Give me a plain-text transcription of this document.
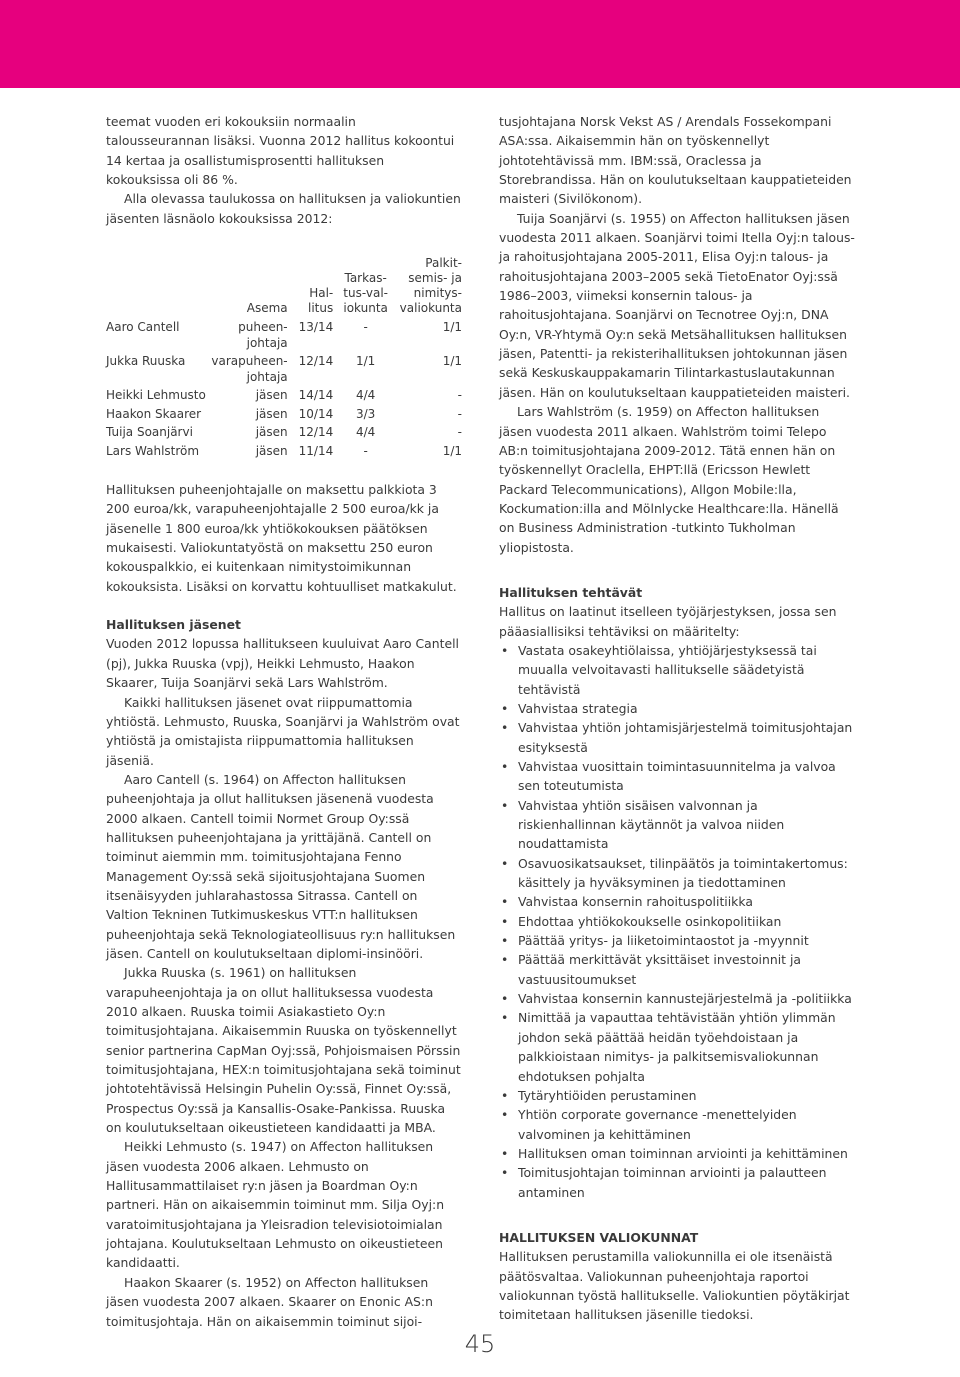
teemat vuoden eri kokouksiin normaalin talousseurannan lisäksi. Vuonna 2012 hallitus kokoontui 14 kertaa ja osallistumisprosentti hallituksen kokouksissa oli 86 %.

Alla olevassa taulukossa on hallituksen ja valiokuntien jäsenten läsnäolo kokouksissa 2012:

	Asema	Hal- litus	Tarkas- tus-val- iokunta	Palkit- semis- ja nimitys- valiokunta
Aaro Cantell	puheen- johtaja	13/14	-	1/1
Jukka Ruuska	varapuheen- johtaja	12/14	1/1	1/1
Heikki Lehmusto	jäsen	14/14	4/4	-
Haakon Skaarer	jäsen	10/14	3/3	-
Tuija Soanjärvi	jäsen	12/14	4/4	-
Lars Wahlström	jäsen	11/14	-	1/1

Hallituksen puheenjohtajalle on maksettu palkkiota 3 200 euroa/kk, varapuheenjohtajalle 2 500 euroa/kk ja jäsenelle 1 800 euroa/kk yhtiökokouksen päätöksen mukaisesti. Valiokuntatyöstä on maksettu 250 euron kokouspalkkio, ei kuitenkaan nimitystoimikunnan kokouksista. Lisäksi on korvattu kohtuulliset matkakulut.

Hallituksen jäsenet

Vuoden 2012 lopussa hallitukseen kuuluivat Aaro Cantell (pj), Jukka Ruuska (vpj), Heikki Lehmusto, Haakon Skaarer, Tuija Soanjärvi sekä Lars Wahlström.

Kaikki hallituksen jäsenet ovat riippumattomia yhtiöstä. Lehmusto, Ruuska, Soanjärvi ja Wahlström ovat yhtiöstä ja omistajista riippumattomia hallituksen jäseniä.

Aaro Cantell (s. 1964) on Affecton hallituksen puheenjohtaja ja ollut hallituksen jäsenenä vuodesta 2000 alkaen. Cantell toimii Normet Group Oy:ssä hallituksen puheenjohtajana ja yrittäjänä. Cantell on toiminut aiemmin mm. toimitusjohtajana Fenno Management Oy:ssä sekä sijoitusjohtajana Suomen itsenäisyyden juhlarahastossa Sitrassa. Cantell on Valtion Tekninen Tutkimuskeskus VTT:n hallituksen puheenjohtaja sekä Teknologiateollisuus ry:n hallituksen jäsen. Cantell on koulutukseltaan diplomi-insinööri.

Jukka Ruuska (s. 1961) on hallituksen varapuheenjohtaja ja on ollut hallituksessa vuodesta 2010 alkaen. Ruuska toimii Asiakastieto Oy:n toimitusjohtajana. Aikaisemmin Ruuska on työskennellyt senior partnerina CapMan Oyj:ssä, Pohjoismaisen Pörssin toimitusjohtajana, HEX:n toimitusjohtajana sekä toiminut johtotehtävissä Helsingin Puhelin Oy:ssä, Finnet Oy:ssä, Prospectus Oy:ssä ja Kansallis-Osake-Pankissa. Ruuska on koulutukseltaan oikeustieteen kandidaatti ja MBA.

Heikki Lehmusto (s. 1947) on Affecton hallituksen jäsen vuodesta 2006 alkaen. Lehmusto on Hallitusammattilaiset ry:n jäsen ja Boardman Oy:n partneri. Hän on aikaisemmin toiminut mm. Silja Oyj:n varatoimitusjohtajana ja Yleisradion televisiotoimialan johtajana. Koulutukseltaan Lehmusto on oikeustieteen kandidaatti.

Haakon Skaarer (s. 1952) on Affecton hallituksen jäsen vuodesta 2007 alkaen. Skaarer on Enonic AS:n toimitusjohtaja. Hän on aikaisemmin toiminut sijoi-

tusjohtajana Norsk Vekst AS / Arendals Fossekompani ASA:ssa. Aikaisemmin hän on työskennellyt johtotehtävissä mm. IBM:ssä, Oraclessa ja Storebrandissa. Hän on koulutukseltaan kauppatieteiden maisteri (Sivilökonom).

Tuija Soanjärvi (s. 1955) on Affecton hallituksen jäsen vuodesta 2011 alkaen. Soanjärvi toimi Itella Oyj:n talous- ja rahoitusjohtajana 2005-2011, Elisa Oyj:n talous- ja rahoitusjohtajana 2003–2005 sekä TietoEnator Oyj:ssä 1986–2003, viimeksi konsernin talous- ja rahoitusjohtajana. Soanjärvi on Tecnotree Oyj:n, DNA Oy:n, VR-Yhtymä Oy:n sekä Metsähallituksen hallituksen jäsen, Patentti- ja rekisterihallituksen johtokunnan jäsen sekä Keskuskauppakamarin Tilintarkastuslautakunnan jäsen. Hän on koulutukseltaan kauppatieteiden maisteri.

Lars Wahlström (s. 1959) on Affecton hallituksen jäsen vuodesta 2011 alkaen. Wahlström toimi Telepo AB:n toimitusjohtajana 2009-2012. Tätä ennen hän on työskennellyt Oraclella, EHPT:llä (Ericsson Hewlett Packard Telecommunications), Allgon Mobile:lla, Kockumation:illa and Mölnlycke Healthcare:lla. Hänellä on Business Administration -tutkinto Tukholman yliopistosta.

Hallituksen tehtävät

Hallitus on laatinut itselleen työjärjestyksen, jossa sen pääasiallisiksi tehtäviksi on määritelty:

• Vastata osakeyhtiölaissa, yhtiöjärjestyksessä tai muualla velvoitavasti hallitukselle säädetyistä tehtävistä
• Vahvistaa strategia
• Vahvistaa yhtiön johtamisjärjestelmä toimitusjohtajan esityksestä
• Vahvistaa vuosittain toimintasuunnitelma ja valvoa sen toteutumista
• Vahvistaa yhtiön sisäisen valvonnan ja riskienhallinnan käytännöt ja valvoa niiden noudattamista
• Osavuosikatsaukset, tilinpäätös ja toimintakertomus: käsittely ja hyväksyminen ja tiedottaminen
• Vahvistaa konsernin rahoituspolitiikka
• Ehdottaa yhtiökokoukselle osinkopolitiikan
• Päättää yritys- ja liiketoimintaostot ja -myynnit
• Päättää merkittävät yksittäiset investoinnit ja vastuusitoumukset
• Vahvistaa konsernin kannustejärjestelmä ja -politiikka
• Nimittää ja vapauttaa tehtävistään yhtiön ylimmän johdon sekä päättää heidän työehdoistaan ja palkkioistaan nimitys- ja palkitsemisvaliokunnan ehdotuksen pohjalta
• Tytäryhtiöiden perustaminen
• Yhtiön corporate governance -menettelyiden valvominen ja kehittäminen
• Hallituksen oman toiminnan arviointi ja kehittäminen
• Toimitusjohtajan toiminnan arviointi ja palautteen antaminen
HALLITUKSEN VALIOKUNNAT

Hallituksen perustamilla valiokunnilla ei ole itsenäistä päätösvaltaa. Valiokunnan puheenjohtaja raportoi valiokunnan työstä hallitukselle. Valiokuntien pöytäkirjat toimitetaan hallituksen jäsenille tiedoksi.

45
